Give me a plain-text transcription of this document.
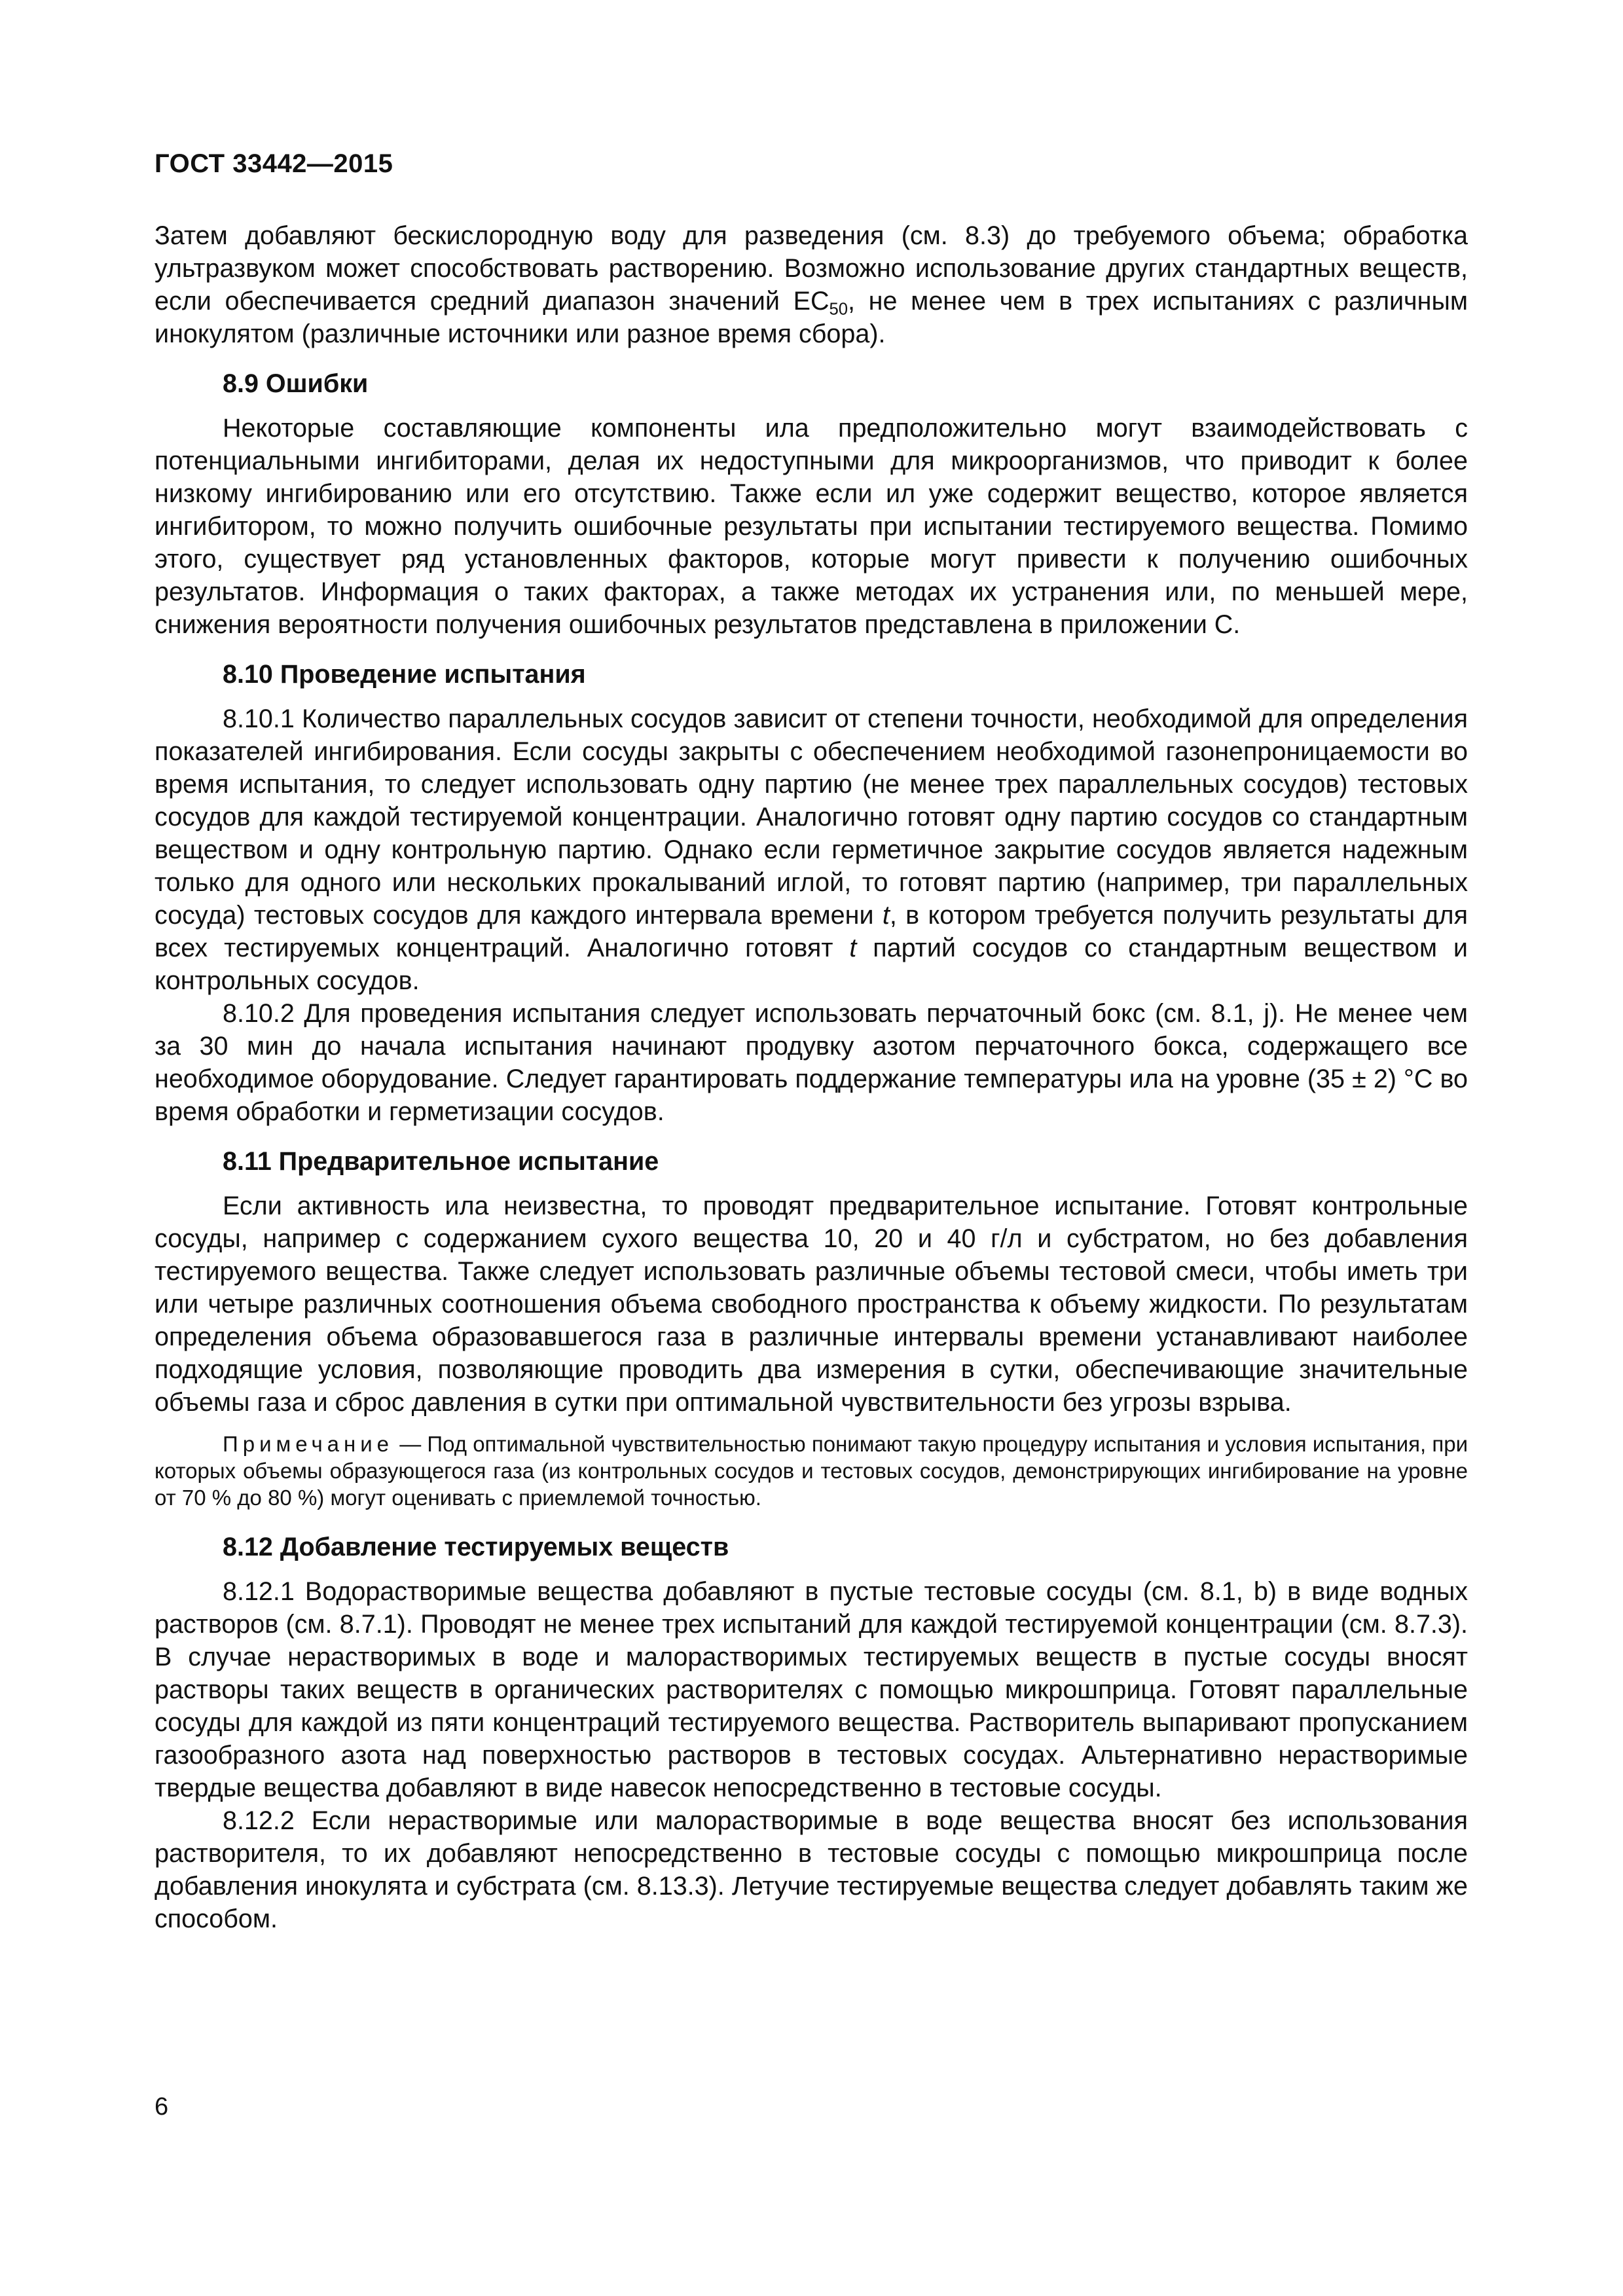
ГОСТ 33442—2015

Затем добавляют бескислородную воду для разведения (см. 8.3) до требуемого объема; обработка ультразвуком может способствовать растворению. Возможно использование других стандартных веществ, если обеспечивается средний диапазон значений $EC_{50}$, не менее чем в трех испытаниях с различным инокулятом (различные источники или разное время сбора).

8.9 Ошибки

Некоторые составляющие компоненты ила предположительно могут взаимодействовать с потенциальными ингибиторами, делая их недоступными для микроорганизмов, что приводит к более низкому ингибированию или его отсутствию. Также если ил уже содержит вещество, которое является ингибитором, то можно получить ошибочные результаты при испытании тестируемого вещества. Помимо этого, существует ряд установленных факторов, которые могут привести к получению ошибочных результатов. Информация о таких факторах, а также методах их устранения или, по меньшей мере, снижения вероятности получения ошибочных результатов представлена в приложении С.

8.10 Проведение испытания

8.10.1 Количество параллельных сосудов зависит от степени точности, необходимой для определения показателей ингибирования. Если сосуды закрыты с обеспечением необходимой газонепроницаемости во время испытания, то следует использовать одну партию (не менее трех параллельных сосудов) тестовых сосудов для каждой тестируемой концентрации. Аналогично готовят одну партию сосудов со стандартным веществом и одну контрольную партию. Однако если герметичное закрытие сосудов является надежным только для одного или нескольких прокалываний иглой, то готовят партию (например, три параллельных сосуда) тестовых сосудов для каждого интервала времени t, в котором требуется получить результаты для всех тестируемых концентраций. Аналогично готовят t партий сосудов со стандартным веществом и контрольных сосудов.

8.10.2 Для проведения испытания следует использовать перчаточный бокс (см. 8.1, j). Не менее чем за 30 мин до начала испытания начинают продувку азотом перчаточного бокса, содержащего все необходимое оборудование. Следует гарантировать поддержание температуры ила на уровне (35 ± 2) °С во время обработки и герметизации сосудов.

8.11 Предварительное испытание

Если активность ила неизвестна, то проводят предварительное испытание. Готовят контрольные сосуды, например с содержанием сухого вещества 10, 20 и 40 г/л и субстратом, но без добавления тестируемого вещества. Также следует использовать различные объемы тестовой смеси, чтобы иметь три или четыре различных соотношения объема свободного пространства к объему жидкости. По результатам определения объема образовавшегося газа в различные интервалы времени устанавливают наиболее подходящие условия, позволяющие проводить два измерения в сутки, обеспечивающие значительные объемы газа и сброс давления в сутки при оптимальной чувствительности без угрозы взрыва.

Примечание — Под оптимальной чувствительностью понимают такую процедуру испытания и условия испытания, при которых объемы образующегося газа (из контрольных сосудов и тестовых сосудов, демонстрирующих ингибирование на уровне от 70 % до 80 %) могут оценивать с приемлемой точностью.

8.12 Добавление тестируемых веществ

8.12.1 Водорастворимые вещества добавляют в пустые тестовые сосуды (см. 8.1, b) в виде водных растворов (см. 8.7.1). Проводят не менее трех испытаний для каждой тестируемой концентрации (см. 8.7.3). В случае нерастворимых в воде и малорастворимых тестируемых веществ в пустые сосуды вносят растворы таких веществ в органических растворителях с помощью микрошприца. Готовят параллельные сосуды для каждой из пяти концентраций тестируемого вещества. Растворитель выпаривают пропусканием газообразного азота над поверхностью растворов в тестовых сосудах. Альтернативно нерастворимые твердые вещества добавляют в виде навесок непосредственно в тестовые сосуды.

8.12.2 Если нерастворимые или малорастворимые в воде вещества вносят без использования растворителя, то их добавляют непосредственно в тестовые сосуды с помощью микрошприца после добавления инокулята и субстрата (см. 8.13.3). Летучие тестируемые вещества следует добавлять таким же способом.

6
